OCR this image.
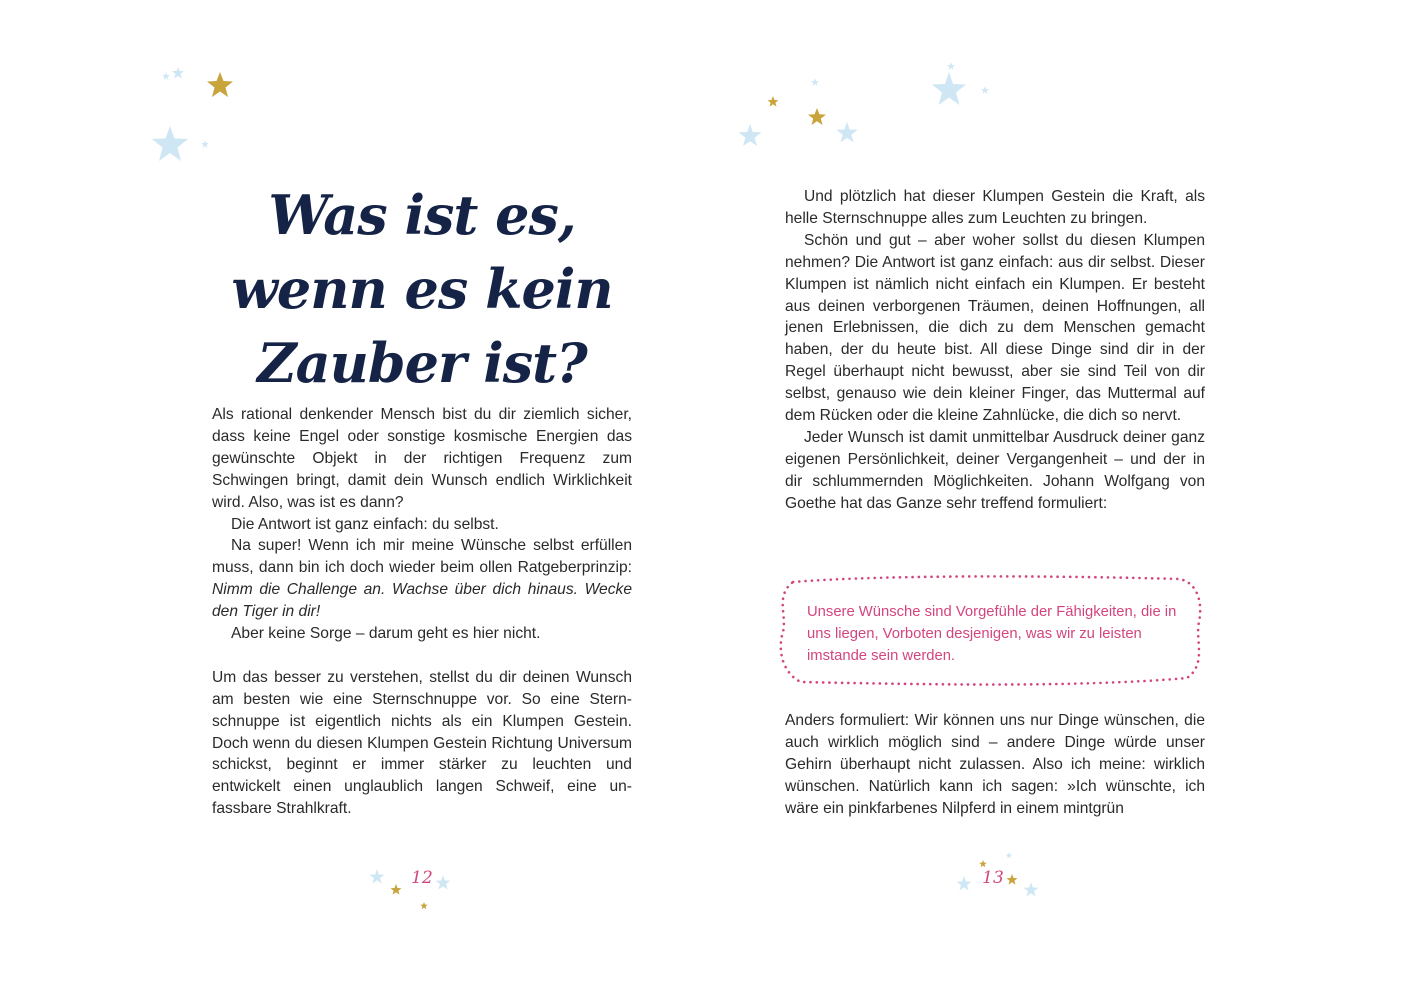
Was ist es,
wenn es kein
Zauber ist?

Als rational denkender Mensch bist du dir ziemlich sicher, dass keine Engel oder sonstige kosmische Energien das gewünschte Objekt in der richtigen Frequenz zum Schwingen bringt, damit dein Wunsch endlich Wirklichkeit wird. Also, was ist es dann?

Die Antwort ist ganz einfach: du selbst.

Na super! Wenn ich mir meine Wünsche selbst erfüllen muss, dann bin ich doch wieder beim ollen Ratgeberprinzip: Nimm die Challenge an. Wachse über dich hinaus. Wecke den Tiger in dir!

Aber keine Sorge – darum geht es hier nicht.

Um das besser zu verstehen, stellst du dir deinen Wunsch am besten wie eine Sternschnuppe vor. So eine Sternschnuppe ist eigentlich nichts als ein Klumpen Gestein. Doch wenn du diesen Klumpen Gestein Richtung Universum schickst, beginnt er immer stärker zu leuchten und entwickelt einen unglaublich langen Schweif, eine unfassbare Strahlkraft.

12

Und plötzlich hat dieser Klumpen Gestein die Kraft, als helle Sternschnuppe alles zum Leuchten zu bringen.

Schön und gut – aber woher sollst du diesen Klumpen nehmen? Die Antwort ist ganz einfach: aus dir selbst. Dieser Klumpen ist nämlich nicht einfach ein Klumpen. Er besteht aus deinen verborgenen Träumen, deinen Hoffnungen, all jenen Erlebnissen, die dich zu dem Menschen gemacht haben, der du heute bist. All diese Dinge sind dir in der Regel überhaupt nicht bewusst, aber sie sind Teil von dir selbst, genauso wie dein kleiner Finger, das Muttermal auf dem Rücken oder die kleine Zahnlücke, die dich so nervt.

Jeder Wunsch ist damit unmittelbar Ausdruck deiner ganz eigenen Persönlichkeit, deiner Vergangenheit – und der in dir schlummernden Möglichkeiten. Johann Wolfgang von Goethe hat das Ganze sehr treffend formuliert:

Unsere Wünsche sind Vorgefühle der Fähigkeiten, die in uns liegen, Vorboten desjenigen, was wir zu leisten imstande sein werden.

Anders formuliert: Wir können uns nur Dinge wünschen, die auch wirklich möglich sind – andere Dinge würde unser Gehirn überhaupt nicht zulassen. Also ich meine: wirklich wünschen. Natürlich kann ich sagen: »Ich wünschte, ich wäre ein pinkfarbenes Nilpferd in einem mintgrün

13
